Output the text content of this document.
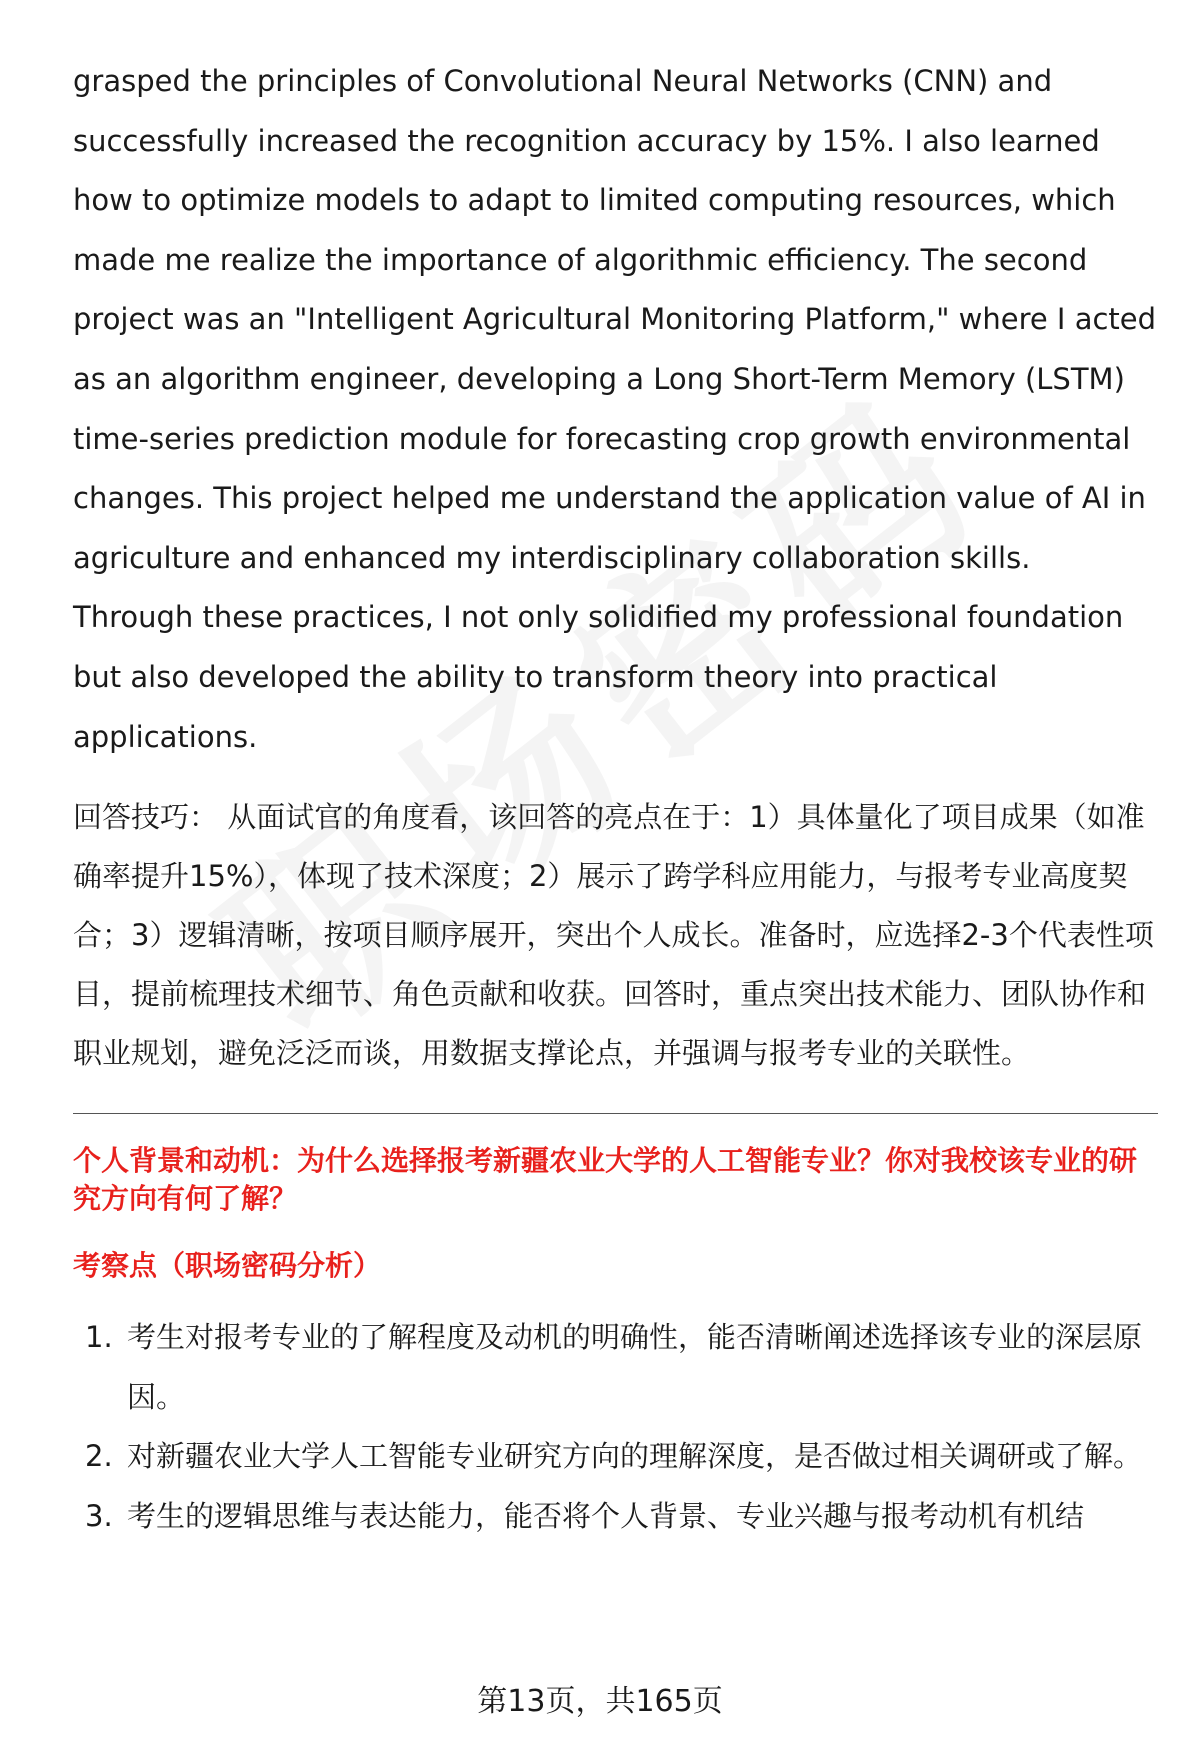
grasped the principles of Convolutional Neural Networks (CNN) and successfully increased the recognition accuracy by 15%. I also learned how to optimize models to adapt to limited computing resources, which made me realize the importance of algorithmic efficiency. The second project was an "Intelligent Agricultural Monitoring Platform," where I acted as an algorithm engineer, developing a Long Short-Term Memory (LSTM) time-series prediction module for forecasting crop growth environmental changes. This project helped me understand the application value of AI in agriculture and enhanced my interdisciplinary collaboration skills. Through these practices, I not only solidified my professional foundation but also developed the ability to transform theory into practical applications.

回答技巧： 从面试官的角度看，该回答的亮点在于：1）具体量化了项目成果（如准确率提升15%），体现了技术深度；2）展示了跨学科应用能力，与报考专业高度契合；3）逻辑清晰，按项目顺序展开，突出个人成长。准备时，应选择2-3个代表性项目，提前梳理技术细节、角色贡献和收获。回答时，重点突出技术能力、团队协作和职业规划，避免泛泛而谈，用数据支撑论点，并强调与报考专业的关联性。

个人背景和动机：为什么选择报考新疆农业大学的人工智能专业？你对我校该专业的研究方向有何了解？

考察点（职场密码分析）

1. 考生对报考专业的了解程度及动机的明确性，能否清晰阐述选择该专业的深层原因。
2. 对新疆农业大学人工智能专业研究方向的理解深度，是否做过相关调研或了解。
3. 考生的逻辑思维与表达能力，能否将个人背景、专业兴趣与报考动机有机结
第13页，共165页
